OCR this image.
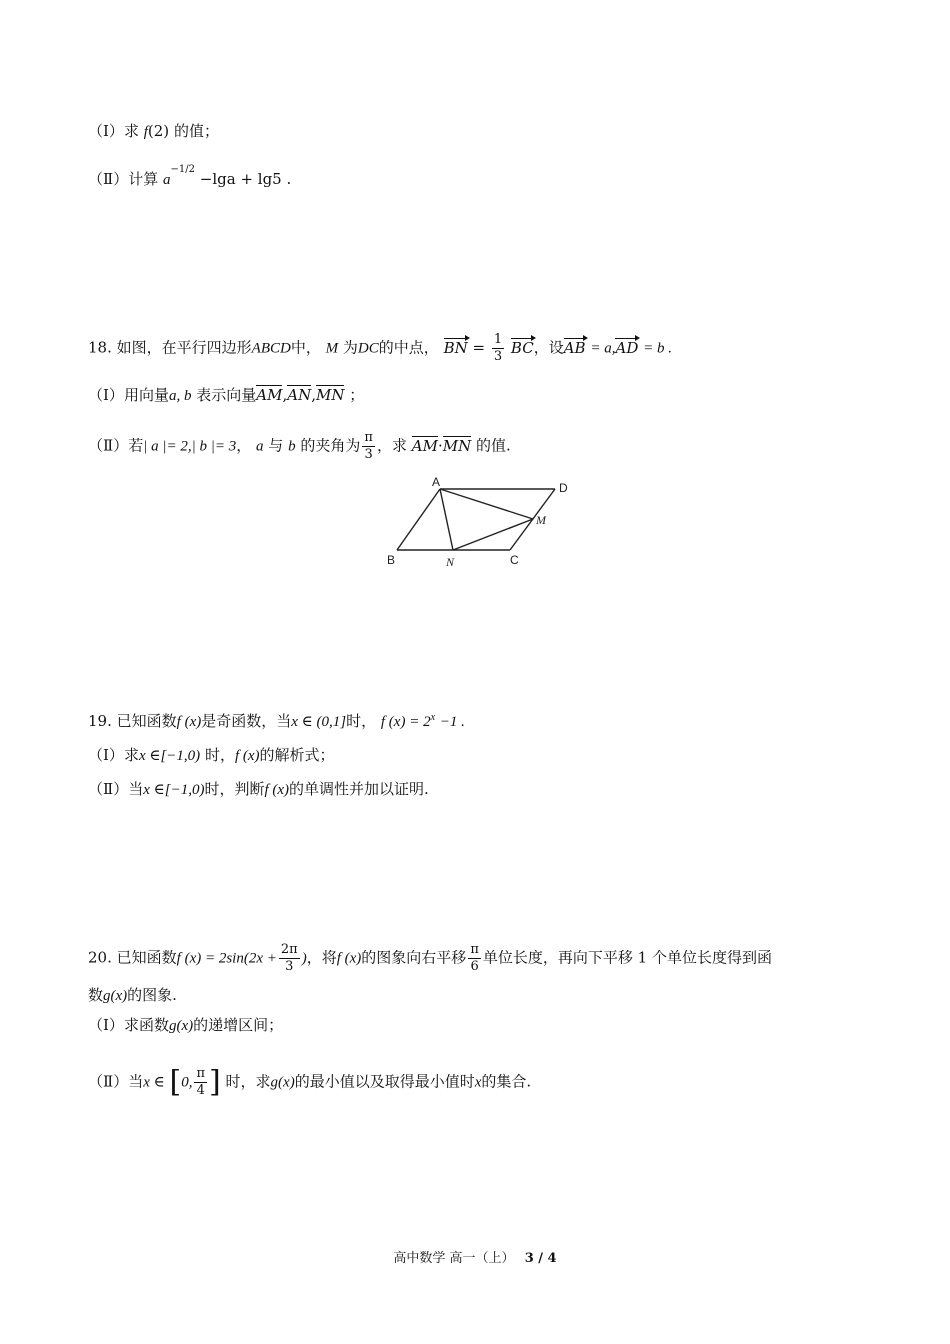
（Ⅰ）求 f(2) 的值；
（Ⅱ）计算 $a^{-1/2} -\lg a + \lg 5$ .
18. 如图，在平行四边形ABCD中， M 为DC的中点， BN = $\frac{1}{3}$ BC，设AB = a,AD = b .
（Ⅰ）用向量a, b 表示向量AM,AN,MN ；
（Ⅱ）若| a |= 2,| b |= 3， a 与 b 的夹角为 $\frac{\pi}{3}$ ，求 AM·MN 的值.
A	D
B	C
M
N
19. 已知函数f (x)是奇函数，当x ∈ (0,1]时， f $(x) = 2^x -1$ .
（Ⅰ）求x ∈[−1,0) 时，f (x)的解析式；
（Ⅱ）当x ∈[−1,0)时，判断f (x)的单调性并加以证明.
20. 已知函数f $(x) = 2\sin(2x + \frac{2\pi}{3}$ )，将f (x)的图象向右平移 $\frac{\pi}{6}$ 单位长度，再向下平移 1 个单位长度得到函
数g(x)的图象.
（Ⅰ）求函数g(x)的递增区间；
（Ⅱ）当x ∈ [0, $\frac{\pi}{4}$ ] 时，求g(x)的最小值以及取得最小值时x的集合.
高中数学 高一（上） 3 / 4
